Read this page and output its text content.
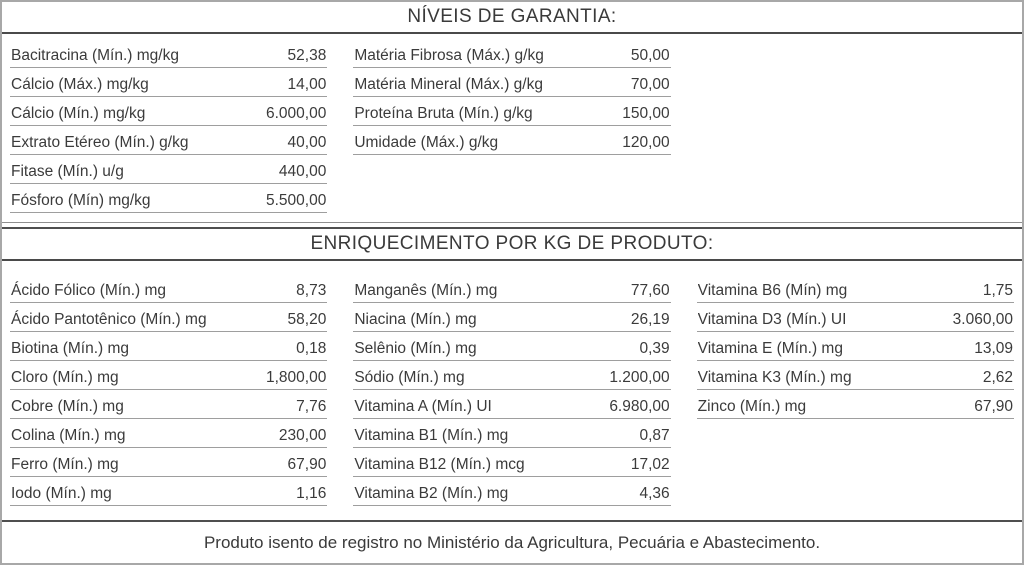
NÍVEIS DE GARANTIA:
Bacitracina (Mín.) mg/kg	52,38
Cálcio (Máx.) mg/kg	14,00
Cálcio (Mín.) mg/kg	6.000,00
Extrato Etéreo (Mín.) g/kg	40,00
Fitase (Mín.) u/g	440,00
Fósforo (Mín) mg/kg	5.500,00
Matéria Fibrosa (Máx.) g/kg	50,00
Matéria Mineral (Máx.) g/kg	70,00
Proteína Bruta (Mín.) g/kg	150,00
Umidade (Máx.) g/kg	120,00
ENRIQUECIMENTO POR KG DE PRODUTO:
Ácido Fólico (Mín.) mg	8,73
Ácido Pantotênico (Mín.) mg	58,20
Biotina (Mín.) mg	0,18
Cloro (Mín.) mg	1,800,00
Cobre (Mín.) mg	7,76
Colina (Mín.) mg	230,00
Ferro (Mín.) mg	67,90
Iodo (Mín.) mg	1,16
Manganês (Mín.) mg	77,60
Niacina (Mín.) mg	26,19
Selênio (Mín.) mg	0,39
Sódio (Mín.) mg	1.200,00
Vitamina A (Mín.) UI	6.980,00
Vitamina B1 (Mín.) mg	0,87
Vitamina B12 (Mín.) mcg	17,02
Vitamina B2 (Mín.) mg	4,36
Vitamina B6 (Mín) mg	1,75
Vitamina D3 (Mín.) UI	3.060,00
Vitamina E (Mín.) mg	13,09
Vitamina K3 (Mín.) mg	2,62
Zinco (Mín.) mg	67,90
Produto isento de registro no Ministério da Agricultura, Pecuária e Abastecimento.
